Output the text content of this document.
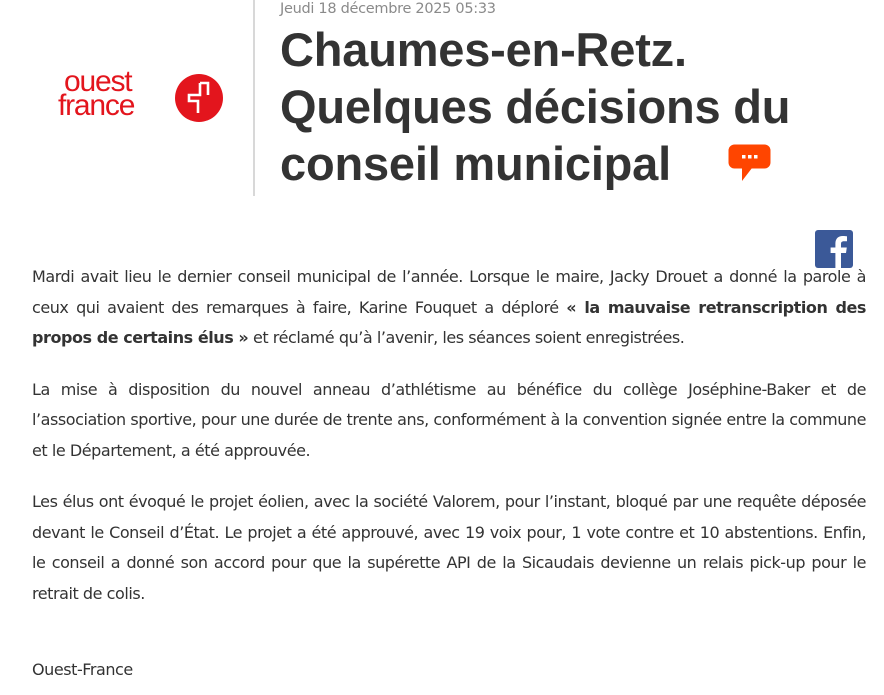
ouest
france
Jeudi 18 décembre 2025 05:33
Chaumes-en-Retz. Quelques décisions du conseil municipal

Mardi avait lieu le dernier conseil municipal de l’année. Lorsque le maire, Jacky Drouet a donné la parole à ceux qui avaient des remarques à faire, Karine Fouquet a déploré « la mauvaise retranscription des propos de certains élus » et réclamé qu’à l’avenir, les séances soient enregistrées.

La mise à disposition du nouvel anneau d’athlétisme au bénéfice du collège Joséphine-Baker et de l’association sportive, pour une durée de trente ans, conformément à la convention signée entre la commune et le Département, a été approuvée.

Les élus ont évoqué le projet éolien, avec la société Valorem, pour l’instant, bloqué par une requête déposée devant le Conseil d’État. Le projet a été approuvé, avec 19 voix pour, 1 vote contre et 10 abstentions. Enfin, le conseil a donné son accord pour que la supérette API de la Sicaudais devienne un relais pick-up pour le retrait de colis.

Ouest-France
